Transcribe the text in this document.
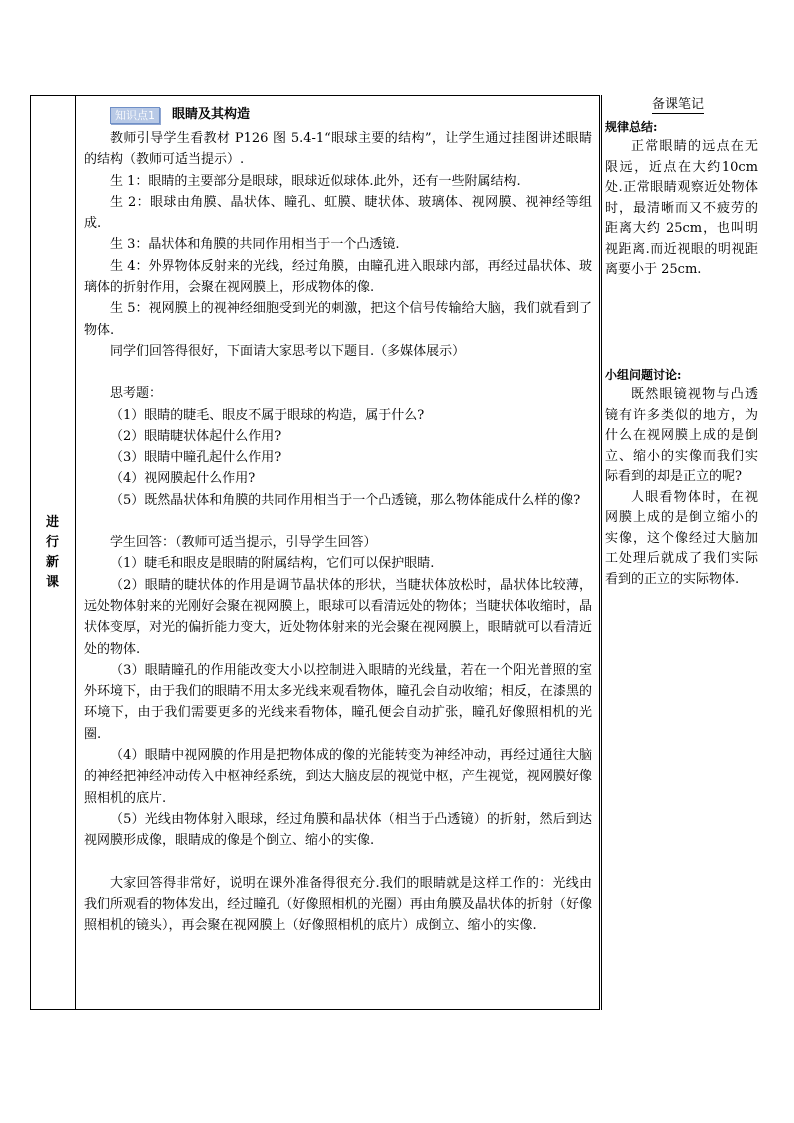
进
行
新
课
知识点1	眼睛及其构造

教师引导学生看教材 P126 图 5.4-1“眼球主要的结构”，让学生通过挂图讲述眼睛的结构（教师可适当提示）.

生 1：眼睛的主要部分是眼球，眼球近似球体.此外，还有一些附属结构.

生 2：眼球由角膜、晶状体、瞳孔、虹膜、睫状体、玻璃体、视网膜、视神经等组成.

生 3：晶状体和角膜的共同作用相当于一个凸透镜.

生 4：外界物体反射来的光线，经过角膜，由瞳孔进入眼球内部，再经过晶状体、玻璃体的折射作用，会聚在视网膜上，形成物体的像.

生 5：视网膜上的视神经细胞受到光的刺激，把这个信号传输给大脑，我们就看到了物体.

同学们回答得很好，下面请大家思考以下题目.（多媒体展示）

思考题：

（1）眼睛的睫毛、眼皮不属于眼球的构造，属于什么?

（2）眼睛睫状体起什么作用?

（3）眼睛中瞳孔起什么作用?

（4）视网膜起什么作用?

（5）既然晶状体和角膜的共同作用相当于一个凸透镜，那么物体能成什么样的像?

学生回答：（教师可适当提示，引导学生回答）

（1）睫毛和眼皮是眼睛的附属结构，它们可以保护眼睛.

（2）眼睛的睫状体的作用是调节晶状体的形状，当睫状体放松时，晶状体比较薄，远处物体射来的光刚好会聚在视网膜上，眼球可以看清远处的物体；当睫状体收缩时，晶状体变厚，对光的偏折能力变大，近处物体射来的光会聚在视网膜上，眼睛就可以看清近处的物体.

（3）眼睛瞳孔的作用能改变大小以控制进入眼睛的光线量，若在一个阳光普照的室外环境下，由于我们的眼睛不用太多光线来观看物体，瞳孔会自动收缩；相反，在漆黑的环境下，由于我们需要更多的光线来看物体，瞳孔便会自动扩张，瞳孔好像照相机的光圈.

（4）眼睛中视网膜的作用是把物体成的像的光能转变为神经冲动，再经过通往大脑的神经把神经冲动传入中枢神经系统，到达大脑皮层的视觉中枢，产生视觉，视网膜好像照相机的底片.

（5）光线由物体射入眼球，经过角膜和晶状体（相当于凸透镜）的折射，然后到达视网膜形成像，眼睛成的像是个倒立、缩小的实像.

大家回答得非常好，说明在课外准备得很充分.我们的眼睛就是这样工作的：光线由我们所观看的物体发出，经过瞳孔（好像照相机的光圈）再由角膜及晶状体的折射（好像照相机的镜头），再会聚在视网膜上（好像照相机的底片）成倒立、缩小的实像.

备课笔记
规律总结:

正常眼睛的远点在无限远，近点在大约10cm处.正常眼睛观察近处物体时，最清晰而又不疲劳的距离大约 25cm，也叫明视距离.而近视眼的明视距离要小于 25cm.

小组问题讨论:

既然眼镜视物与凸透镜有许多类似的地方，为什么在视网膜上成的是倒立、缩小的实像而我们实际看到的却是正立的呢?

人眼看物体时，在视网膜上成的是倒立缩小的实像，这个像经过大脑加工处理后就成了我们实际看到的正立的实际物体.
